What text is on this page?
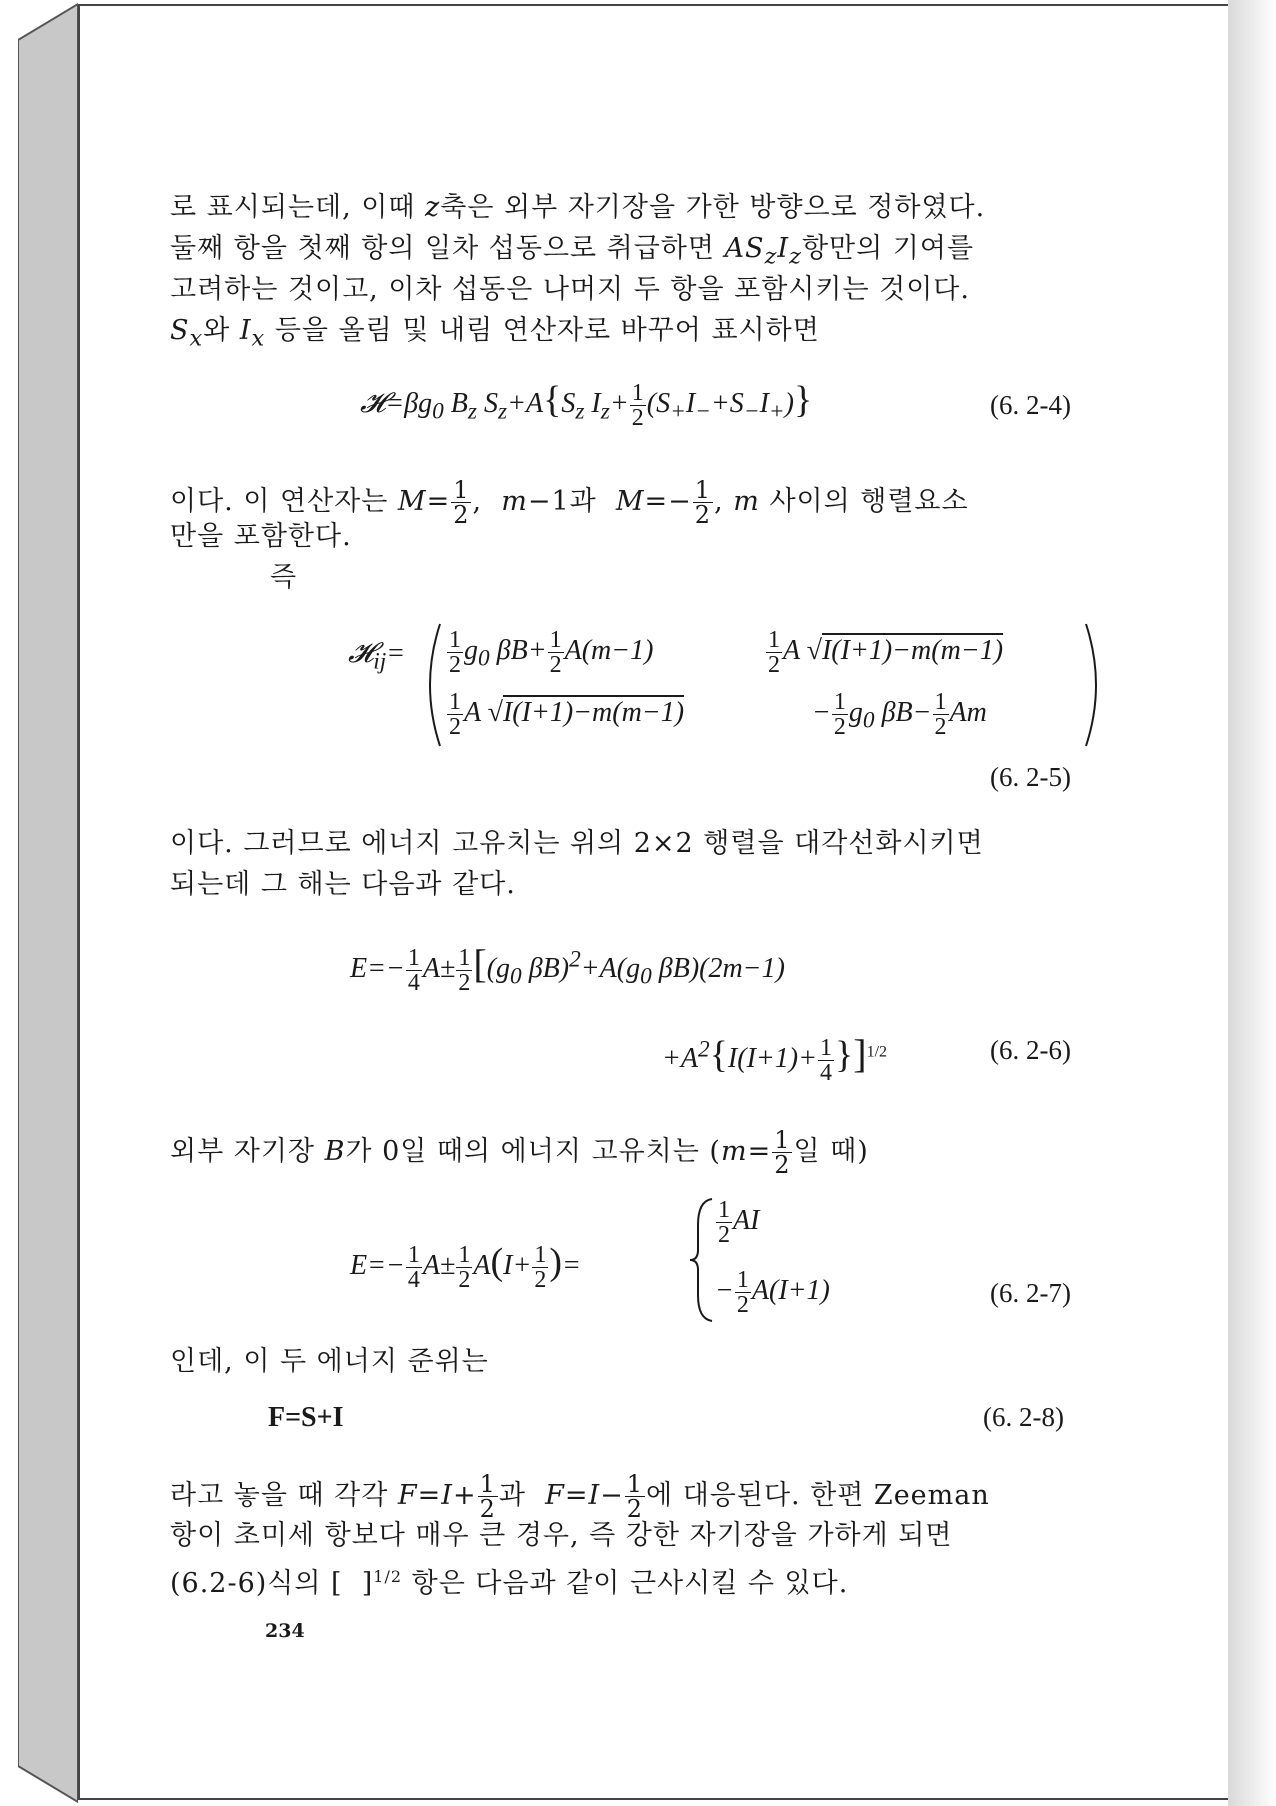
로 표시되는데, 이때 z축은 외부 자기장을 가한 방향으로 정하였다.
둘째 항을 첫째 항의 일차 섭동으로 취급하면 $AS_zI_z$항만의 기여를
고려하는 것이고, 이차 섭동은 나머지 두 항을 포함시키는 것이다.
$S_x$와 $I_x$ 등을 올림 및 내림 연산자로 바꾸어 표시하면
$𝓗=\beta g_0$ $B_z$ $S_z+A\{S_z$ $I_z+ \frac{1}{2} (S_+I_-+S_-I_+)$}	(6. 2-4)
이다. 이 연산자는 $M= \frac{1}{2}$ ,  m−1과  $M=- \frac{1}{2}$ , m 사이의 행렬요소
만을 포함한다.
즉
𝓗$_{ij}$= $\frac{1}{2} g_0$ $\beta B+ \frac{1}{2} A(m-1)$	$\frac{1}{2}$ A √I(I+1)−m(m−1)
$\frac{1}{2}$ A √I(I+1)−m(m−1)	− $\frac{1}{2} g_0$ $\beta B- \frac{1}{2}$ Am
(6. 2-5)
이다. 그러므로 에너지 고유치는 위의 2×2 행렬을 대각선화시키면
되는데 그 해는 다음과 같다.
$E=- \frac{1}{4} A\pm \frac{1}{2} [(g_0$ $\beta B)^2+A(g_0$ βB)(2m−1)
$+A^2\{I(I+1)+ \frac{1}{4} \}]^{1/2}$	(6. 2-6)
외부 자기장 B가 0일 때의 에너지 고유치는 ($m= \frac{1}{2}$ 일 때)
$E=- \frac{1}{4} A\pm \frac{1}{2} A(I+ \frac{1}{2}$ )=
$\frac{1}{2}$ AI
− $\frac{1}{2} A(I+1)$	(6. 2-7)
인데, 이 두 에너지 준위는
F=S+I	(6. 2-8)
라고 놓을 때 각각 $F=I+ \frac{1}{2}$ 과  $F=I- \frac{1}{2}$ 에 대응된다. 한편 Zeeman
항이 초미세 항보다 매우 큰 경우, 즉 강한 자기장을 가하게 되면
(6.2-6)식의 [  ]$^{1/2}$ 항은 다음과 같이 근사시킬 수 있다.
234
